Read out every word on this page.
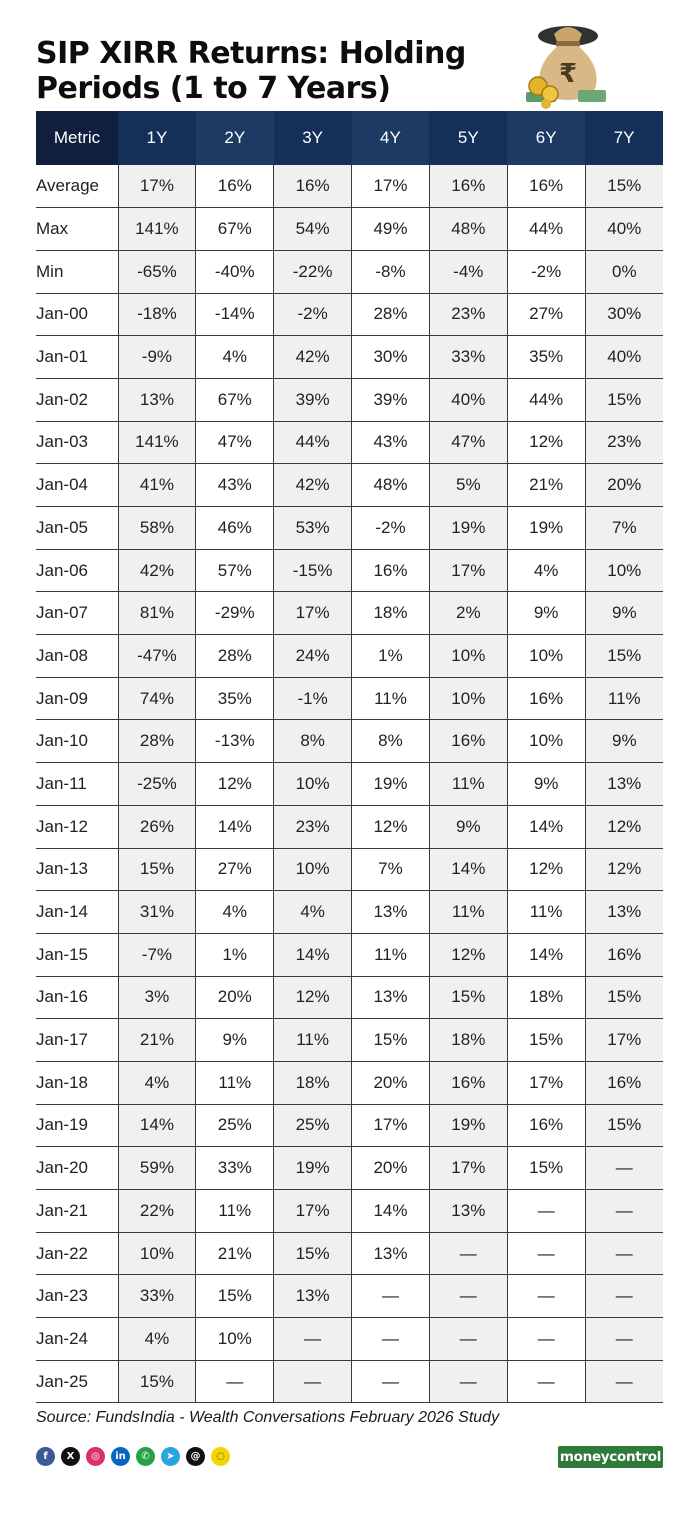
SIP XIRR Returns: Holding Periods (1 to 7 Years)	₹
Metric	1Y	2Y	3Y	4Y	5Y	6Y	7Y
Average	17%	16%	16%	17%	16%	16%	15%
Max	141%	67%	54%	49%	48%	44%	40%
Min	-65%	-40%	-22%	-8%	-4%	-2%	0%
Jan-00	-18%	-14%	-2%	28%	23%	27%	30%
Jan-01	-9%	4%	42%	30%	33%	35%	40%
Jan-02	13%	67%	39%	39%	40%	44%	15%
Jan-03	141%	47%	44%	43%	47%	12%	23%
Jan-04	41%	43%	42%	48%	5%	21%	20%
Jan-05	58%	46%	53%	-2%	19%	19%	7%
Jan-06	42%	57%	-15%	16%	17%	4%	10%
Jan-07	81%	-29%	17%	18%	2%	9%	9%
Jan-08	-47%	28%	24%	1%	10%	10%	15%
Jan-09	74%	35%	-1%	11%	10%	16%	11%
Jan-10	28%	-13%	8%	8%	16%	10%	9%
Jan-11	-25%	12%	10%	19%	11%	9%	13%
Jan-12	26%	14%	23%	12%	9%	14%	12%
Jan-13	15%	27%	10%	7%	14%	12%	12%
Jan-14	31%	4%	4%	13%	11%	11%	13%
Jan-15	-7%	1%	14%	11%	12%	14%	16%
Jan-16	3%	20%	12%	13%	15%	18%	15%
Jan-17	21%	9%	11%	15%	18%	15%	17%
Jan-18	4%	11%	18%	20%	16%	17%	16%
Jan-19	14%	25%	25%	17%	19%	16%	15%
Jan-20	59%	33%	19%	20%	17%	15%	—
Jan-21	22%	11%	17%	14%	13%	—	—
Jan-22	10%	21%	15%	13%	—	—	—
Jan-23	33%	15%	13%	—	—	—	—
Jan-24	4%	10%	—	—	—	—	—
Jan-25	15%	—	—	—	—	—	—
Source: FundsIndia - Wealth Conversations February 2026 Study
f	X	◎	in	✆	➤	@	◌	moneycontrol
